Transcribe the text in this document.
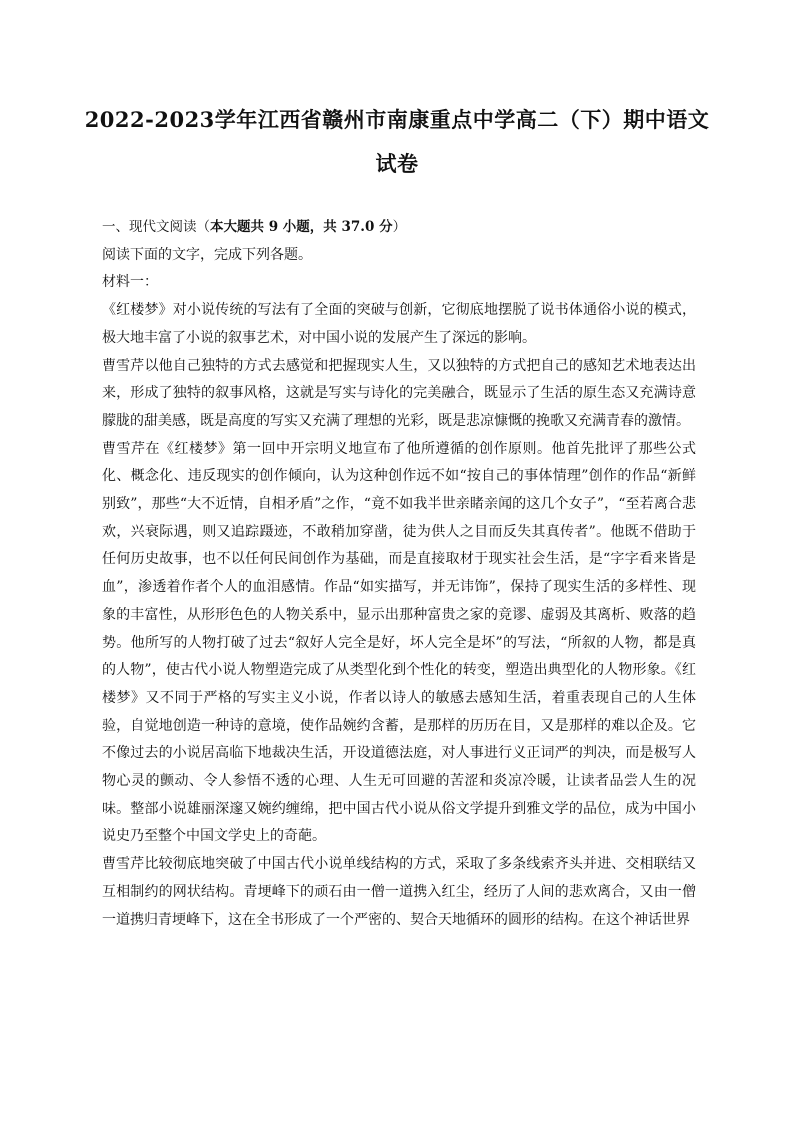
2022-2023学年江西省赣州市南康重点中学高二（下）期中语文
试卷

一、现代文阅读（本大题共 9 小题，共 37.0 分）

阅读下面的文字，完成下列各题。

材料一：

《红楼梦》对小说传统的写法有了全面的突破与创新，它彻底地摆脱了说书体通俗小说的模式，极大地丰富了小说的叙事艺术，对中国小说的发展产生了深远的影响。

曹雪芹以他自己独特的方式去感觉和把握现实人生，又以独特的方式把自己的感知艺术地表达出来，形成了独特的叙事风格，这就是写实与诗化的完美融合，既显示了生活的原生态又充满诗意朦胧的甜美感，既是高度的写实又充满了理想的光彩，既是悲凉慷慨的挽歌又充满青春的激情。

曹雪芹在《红楼梦》第一回中开宗明义地宣布了他所遵循的创作原则。他首先批评了那些公式化、概念化、违反现实的创作倾向，认为这种创作远不如“按自己的事体情理”创作的作品“新鲜别致”，那些“大不近情，自相矛盾”之作，“竟不如我半世亲睹亲闻的这几个女子”，“至若离合悲欢，兴衰际遇，则又追踪蹑迹，不敢稍加穿凿，徒为供人之目而反失其真传者”。他既不借助于任何历史故事，也不以任何民间创作为基础，而是直接取材于现实社会生活，是“字字看来皆是血”，渗透着作者个人的血泪感情。作品“如实描写，并无讳饰”，保持了现实生活的多样性、现象的丰富性，从形形色色的人物关系中，显示出那种富贵之家的竞谬、虚弱及其离析、败落的趋势。他所写的人物打破了过去“叙好人完全是好，坏人完全是坏”的写法，“所叙的人物，都是真的人物”，使古代小说人物塑造完成了从类型化到个性化的转变，塑造出典型化的人物形象。《红楼梦》又不同于严格的写实主义小说，作者以诗人的敏感去感知生活，着重表现自己的人生体验，自觉地创造一种诗的意境，使作品婉约含蓄，是那样的历历在目，又是那样的难以企及。它不像过去的小说居高临下地裁决生活，开设道德法庭，对人事进行义正词严的判决，而是极写人物心灵的颤动、令人参悟不透的心理、人生无可回避的苦涩和炎凉冷暖，让读者品尝人生的况味。整部小说雄丽深邃又婉约缠绵，把中国古代小说从俗文学提升到雅文学的品位，成为中国小说史乃至整个中国文学史上的奇葩。

曹雪芹比较彻底地突破了中国古代小说单线结构的方式，采取了多条线索齐头并进、交相联结又互相制约的网状结构。青埂峰下的顽石由一僧一道携入红尘，经历了人间的悲欢离合，又由一僧一道携归青埂峰下，这在全书形成了一个严密的、契合天地循环的圆形的结构。在这个神话世界
